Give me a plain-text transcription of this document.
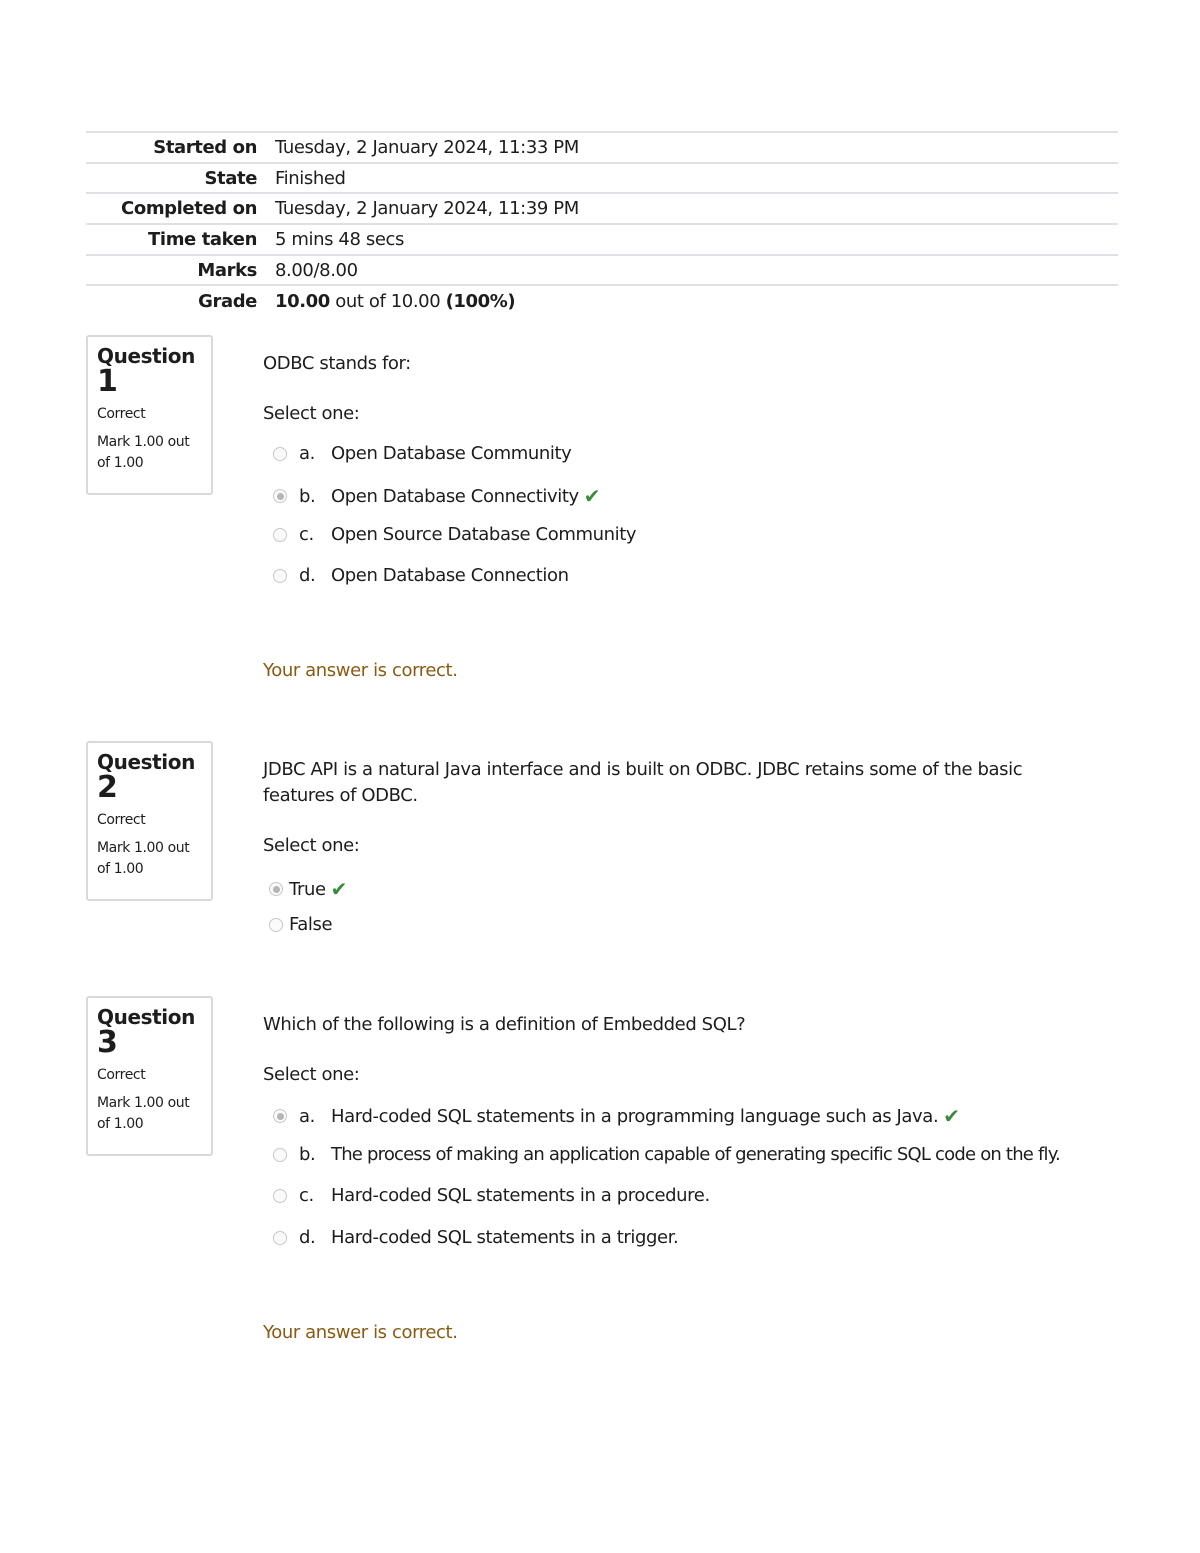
Started on	Tuesday, 2 January 2024, 11:33 PM
State	Finished
Completed on	Tuesday, 2 January 2024, 11:39 PM
Time taken	5 mins 48 secs
Marks	8.00/8.00
Grade	10.00 out of 10.00 (100%)
Question
1
Correct
Mark 1.00 out of 1.00
ODBC stands for:
Select one:
a. Open Database Community
b. Open Database Connectivity ✔
c. Open Source Database Community
d. Open Database Connection
Your answer is correct.
Question
2
Correct
Mark 1.00 out of 1.00
JDBC API is a natural Java interface and is built on ODBC. JDBC retains some of the basic features of ODBC.
Select one:
True ✔
False
Question
3
Correct
Mark 1.00 out of 1.00
Which of the following is a definition of Embedded SQL?
Select one:
a. Hard-coded SQL statements in a programming language such as Java. ✔
b. The process of making an application capable of generating specific SQL code on the fly.
c. Hard-coded SQL statements in a procedure.
d. Hard-coded SQL statements in a trigger.
Your answer is correct.
